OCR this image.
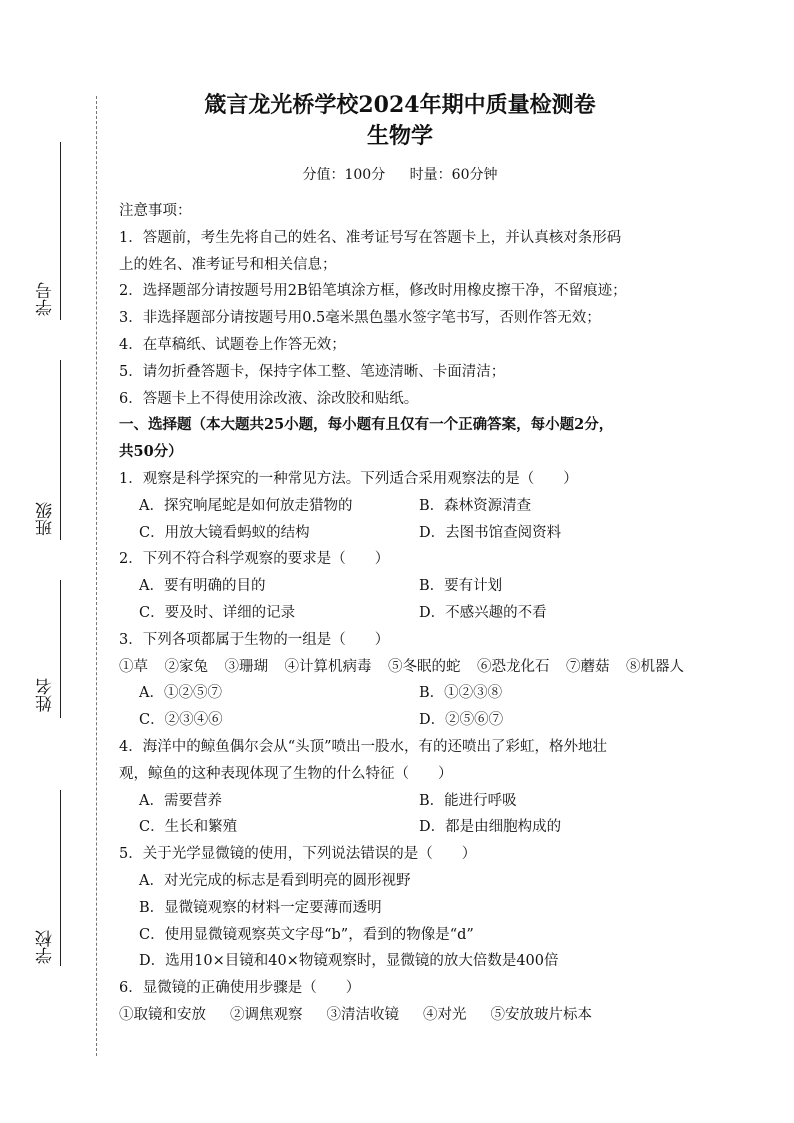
学号
班级
姓名
学校
箴言龙光桥学校2024年期中质量检测卷
生物学
分值：100分 时量：60分钟
注意事项：
1．答题前，考生先将自己的姓名、准考证号写在答题卡上，并认真核对条形码
上的姓名、准考证号和相关信息；
2．选择题部分请按题号用2B铅笔填涂方框，修改时用橡皮擦干净，不留痕迹；
3．非选择题部分请按题号用0.5毫米黑色墨水签字笔书写，否则作答无效；
4．在草稿纸、试题卷上作答无效；
5．请勿折叠答题卡，保持字体工整、笔迹清晰、卡面清洁；
6．答题卡上不得使用涂改液、涂改胶和贴纸。
一、选择题（本大题共25小题，每小题有且仅有一个正确答案，每小题2分，
共50分）
1．观察是科学探究的一种常见方法。下列适合采用观察法的是（　　）
A．探究响尾蛇是如何放走猎物的	B．森林资源清查
C．用放大镜看蚂蚁的结构	D．去图书馆查阅资料
2．下列不符合科学观察的要求是（　　）
A．要有明确的目的	B．要有计划
C．要及时、详细的记录	D．不感兴趣的不看
3．下列各项都属于生物的一组是（　　）
①草 ②家兔 ③珊瑚 ④计算机病毒 ⑤冬眠的蛇 ⑥恐龙化石 ⑦蘑菇 ⑧机器人
A．①②⑤⑦	B．①②③⑧
C．②③④⑥	D．②⑤⑥⑦
4．海洋中的鲸鱼偶尔会从“头顶”喷出一股水，有的还喷出了彩虹，格外地壮
观，鲸鱼的这种表现体现了生物的什么特征（　　）
A．需要营养	B．能进行呼吸
C．生长和繁殖	D．都是由细胞构成的
5．关于光学显微镜的使用，下列说法错误的是（　　）
A．对光完成的标志是看到明亮的圆形视野
B．显微镜观察的材料一定要薄而透明
C．使用显微镜观察英文字母“b”，看到的物像是“d”
D．选用10×目镜和40×物镜观察时，显微镜的放大倍数是400倍
6．显微镜的正确使用步骤是（　　）
①取镜和安放 ②调焦观察 ③清洁收镜 ④对光 ⑤安放玻片标本
